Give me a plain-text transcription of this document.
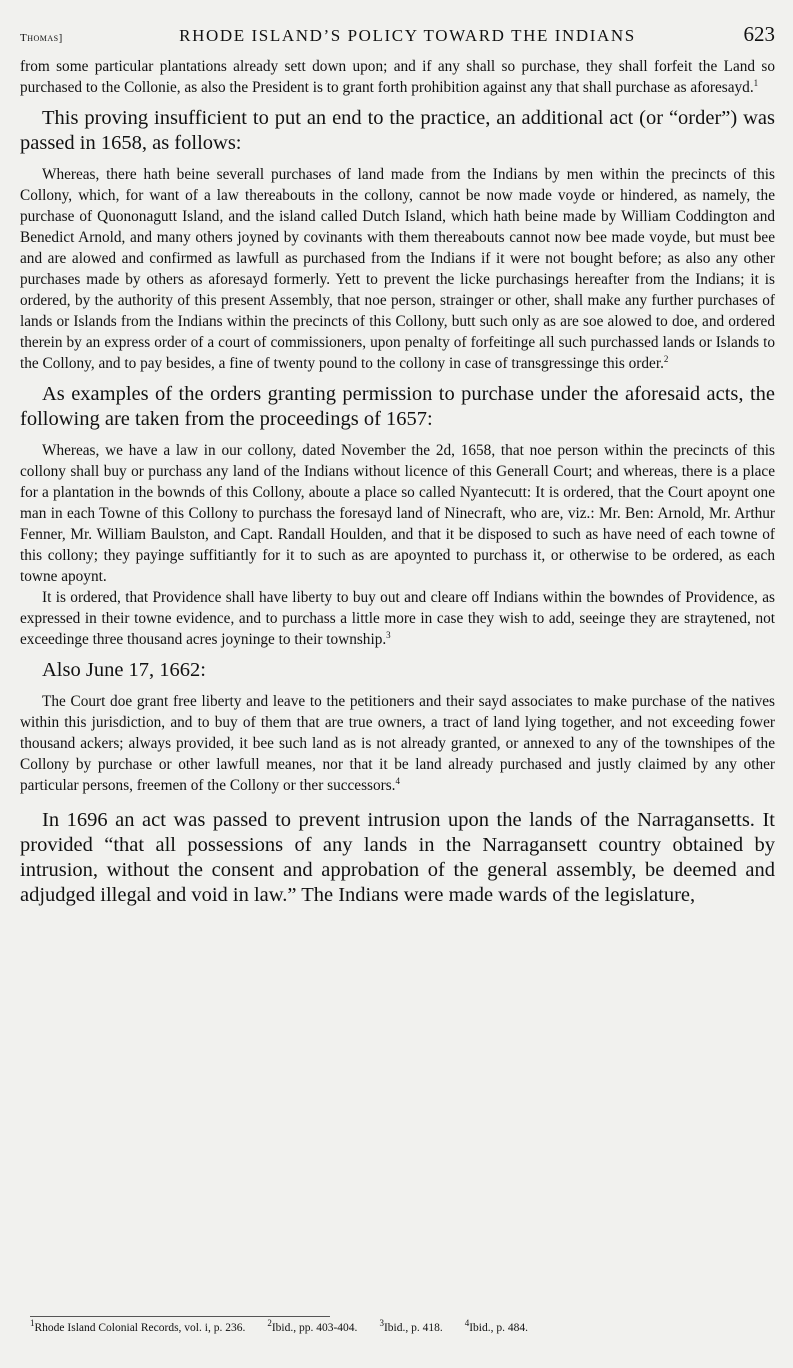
Thomas]	RHODE ISLAND’S POLICY TOWARD THE INDIANS	623

from some particular plantations already sett down upon; and if any shall so purchase, they shall forfeit the Land so purchased to the Collonie, as also the President is to grant forth prohibition against any that shall purchase as aforesayd.$^1$

This proving insufficient to put an end to the practice, an additional act (or “order”) was passed in 1658, as follows:

Whereas, there hath beine severall purchases of land made from the Indians by men within the precincts of this Collony, which, for want of a law thereabouts in the collony, cannot be now made voyde or hindered, as namely, the purchase of Quononagutt Island, and the island called Dutch Island, which hath beine made by William Coddington and Benedict Arnold, and many others joyned by covinants with them thereabouts cannot now bee made voyde, but must bee and are alowed and confirmed as lawfull as purchased from the Indians if it were not bought before; as also any other purchases made by others as aforesayd formerly. Yett to prevent the licke purchasings hereafter from the Indians; it is ordered, by the authority of this present Assembly, that noe person, strainger or other, shall make any further purchases of lands or Islands from the Indians within the precincts of this Collony, butt such only as are soe alowed to doe, and ordered therein by an express order of a court of commissioners, upon penalty of forfeitinge all such purchassed lands or Islands to the Collony, and to pay besides, a fine of twenty pound to the collony in case of transgressinge this order.$^2$

As examples of the orders granting permission to purchase under the aforesaid acts, the following are taken from the proceedings of 1657:

Whereas, we have a law in our collony, dated November the 2d, 1658, that noe person within the precincts of this collony shall buy or purchass any land of the Indians without licence of this Generall Court; and whereas, there is a place for a plantation in the bownds of this Collony, aboute a place so called Nyantecutt: It is ordered, that the Court apoynt one man in each Towne of this Collony to purchass the foresayd land of Ninecraft, who are, viz.: Mr. Ben: Arnold, Mr. Arthur Fenner, Mr. William Baulston, and Capt. Randall Houlden, and that it be disposed to such as have need of each towne of this collony; they payinge suffitiantly for it to such as are apoynted to purchass it, or otherwise to be ordered, as each towne apoynt.

It is ordered, that Providence shall have liberty to buy out and cleare off Indians within the bowndes of Providence, as expressed in their towne evidence, and to purchass a little more in case they wish to add, seeinge they are straytened, not exceedinge three thousand acres joyninge to their township.$^3$

Also June 17, 1662:

The Court doe grant free liberty and leave to the petitioners and their sayd associates to make purchase of the natives within this jurisdiction, and to buy of them that are true owners, a tract of land lying together, and not exceeding fower thousand ackers; always provided, it bee such land as is not already granted, or annexed to any of the townshipes of the Collony by purchase or other lawfull meanes, nor that it be land already purchased and justly claimed by any other particular persons, freemen of the Collony or ther successors.$^4$

In 1696 an act was passed to prevent intrusion upon the lands of the Narragansetts. It provided “that all possessions of any lands in the Narragansett country obtained by intrusion, without the consent and approbation of the general assembly, be deemed and adjudged illegal and void in law.” The Indians were made wards of the legislature,

$^1$Rhode Island Colonial Records, vol. i, p. 236. $^2$Ibid., pp. 403-404. $^3$Ibid., p. 418. $^4$Ibid., p. 484.
